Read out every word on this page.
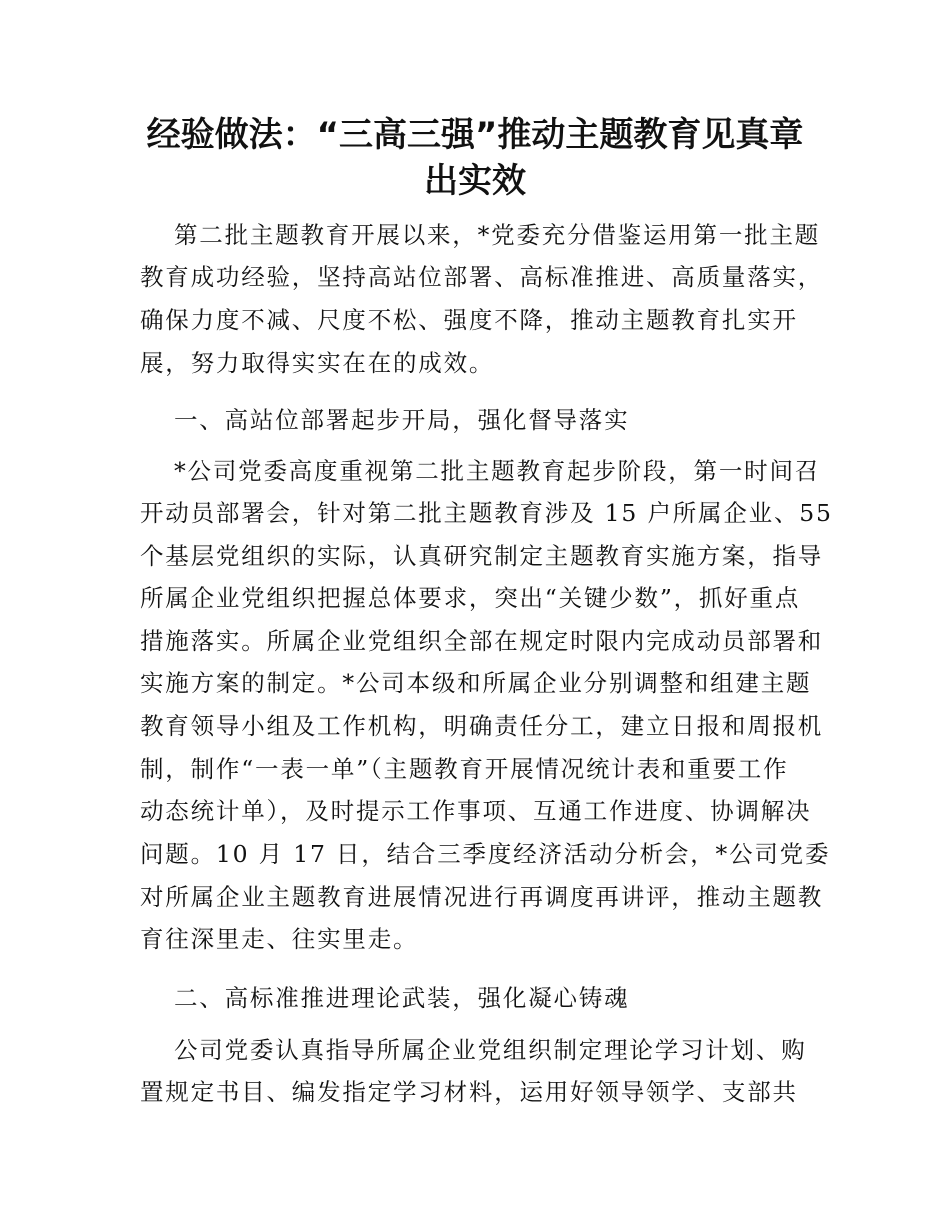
经验做法：“三高三强”推动主题教育见真章
出实效

第二批主题教育开展以来，*党委充分借鉴运用第一批主题

教育成功经验，坚持高站位部署、高标准推进、高质量落实，

确保力度不减、尺度不松、强度不降，推动主题教育扎实开

展，努力取得实实在在的成效。

一、高站位部署起步开局，强化督导落实

*公司党委高度重视第二批主题教育起步阶段，第一时间召

开动员部署会，针对第二批主题教育涉及 15 户所属企业、55

个基层党组织的实际，认真研究制定主题教育实施方案，指导

所属企业党组织把握总体要求，突出“关键少数”，抓好重点

措施落实。所属企业党组织全部在规定时限内完成动员部署和

实施方案的制定。*公司本级和所属企业分别调整和组建主题

教育领导小组及工作机构，明确责任分工，建立日报和周报机

制，制作“一表一单”（主题教育开展情况统计表和重要工作

动态统计单），及时提示工作事项、互通工作进度、协调解决

问题。10 月 17 日，结合三季度经济活动分析会，*公司党委

对所属企业主题教育进展情况进行再调度再讲评，推动主题教

育往深里走、往实里走。

二、高标准推进理论武装，强化凝心铸魂

公司党委认真指导所属企业党组织制定理论学习计划、购

置规定书目、编发指定学习材料，运用好领导领学、支部共
